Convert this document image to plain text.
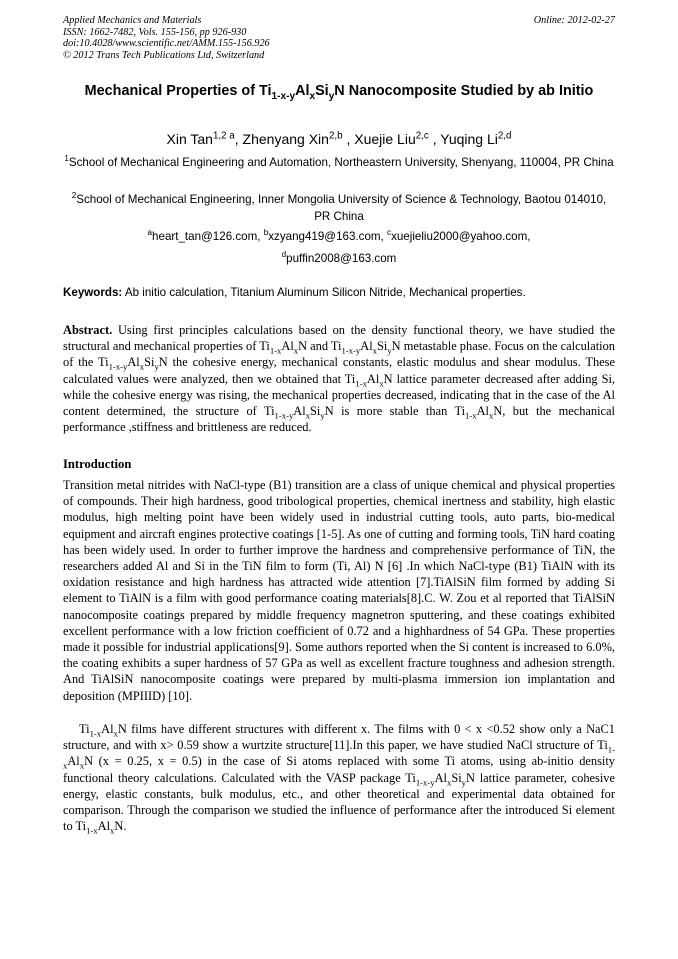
Applied Mechanics and Materials
ISSN: 1662-7482, Vols. 155-156, pp 926-930
doi:10.4028/www.scientific.net/AMM.155-156.926
© 2012 Trans Tech Publications Ltd, Switzerland
Online: 2012-02-27
Mechanical Properties of $Ti_{1-x-y}Al_xSi_yN$ Nanocomposite Studied by ab Initio
Xin Tan$^{1,2 a}$, Zhenyang Xin$^{2,b}$ , Xuejie Liu$^{2,c}$ , Yuqing Li$^{2,d}$
$^1$School of Mechanical Engineering and Automation, Northeastern University, Shenyang, 110004, PR China
$^2$School of Mechanical Engineering, Inner Mongolia University of Science & Technology, Baotou 014010, PR China
$^a$heart_tan@126.com, $^b$xzyang419@163.com, $^c$xuejieliu2000@yahoo.com,
$^d$puffin2008@163.com
Keywords: Ab initio calculation, Titanium Aluminum Silicon Nitride, Mechanical properties.
Abstract. Using first principles calculations based on the density functional theory, we have studied the structural and mechanical properties of $Ti_{1-x}Al_xN$ and $Ti_{1-x-y}Al_xSi_yN$ metastable phase. Focus on the calculation of the $Ti_{1-x-y}Al_xSi_yN$ the cohesive energy, mechanical constants, elastic modulus and shear modulus. These calculated values were analyzed, then we obtained that $Ti_{1-x}Al_xN$ lattice parameter decreased after adding Si, while the cohesive energy was rising, the mechanical properties decreased, indicating that in the case of the Al content determined, the structure of $Ti_{1-x-y}Al_xSi_yN$ is more stable than $Ti_{1-x}Al_xN$, but the mechanical performance ,stiffness and brittleness are reduced.
Introduction
Transition metal nitrides with NaCl-type (B1) transition are a class of unique chemical and physical properties of compounds. Their high hardness, good tribological properties, chemical inertness and stability, high elastic modulus, high melting point have been widely used in industrial cutting tools, auto parts, bio-medical equipment and aircraft engines protective coatings [1-5]. As one of cutting and forming tools, TiN hard coating has been widely used. In order to further improve the hardness and comprehensive performance of TiN, the researchers added Al and Si in the TiN film to form (Ti, Al) N [6] .In which NaCl-type (B1) TiAlN with its oxidation resistance and high hardness has attracted wide attention [7].TiAlSiN film formed by adding Si element to TiAlN is a film with good performance coating materials[8].C. W. Zou et al reported that TiAlSiN nanocomposite coatings prepared by middle frequency magnetron sputtering, and these coatings exhibited excellent performance with a low friction coefficient of 0.72 and a highhardness of 54 GPa. These properties made it possible for industrial applications[9]. Some authors reported when the Si content is increased to 6.0%, the coating exhibits a super hardness of 57 GPa as well as excellent fracture toughness and adhesion strength. And TiAlSiN nanocomposite coatings were prepared by multi-plasma immersion ion implantation and deposition (MPIIID) [10].
$Ti_{1-x}Al_xN$ films have different structures with different x. The films with 0 < x <0.52 show only a NaC1 structure, and with x> 0.59 show a wurtzite structure[11].In this paper, we have studied NaCl structure of $Ti_{1-x}Al_xN$ (x = 0.25, x = 0.5) in the case of Si atoms replaced with some Ti atoms, using ab-initio density functional theory calculations. Calculated with the VASP package $Ti_{1-x-y}Al_xSi_yN$ lattice parameter, cohesive energy, elastic constants, bulk modulus, etc., and other theoretical and experimental data obtained for comparison. Through the comparison we studied the influence of performance after the introduced Si element to $Ti_{1-x}Al_xN$.
